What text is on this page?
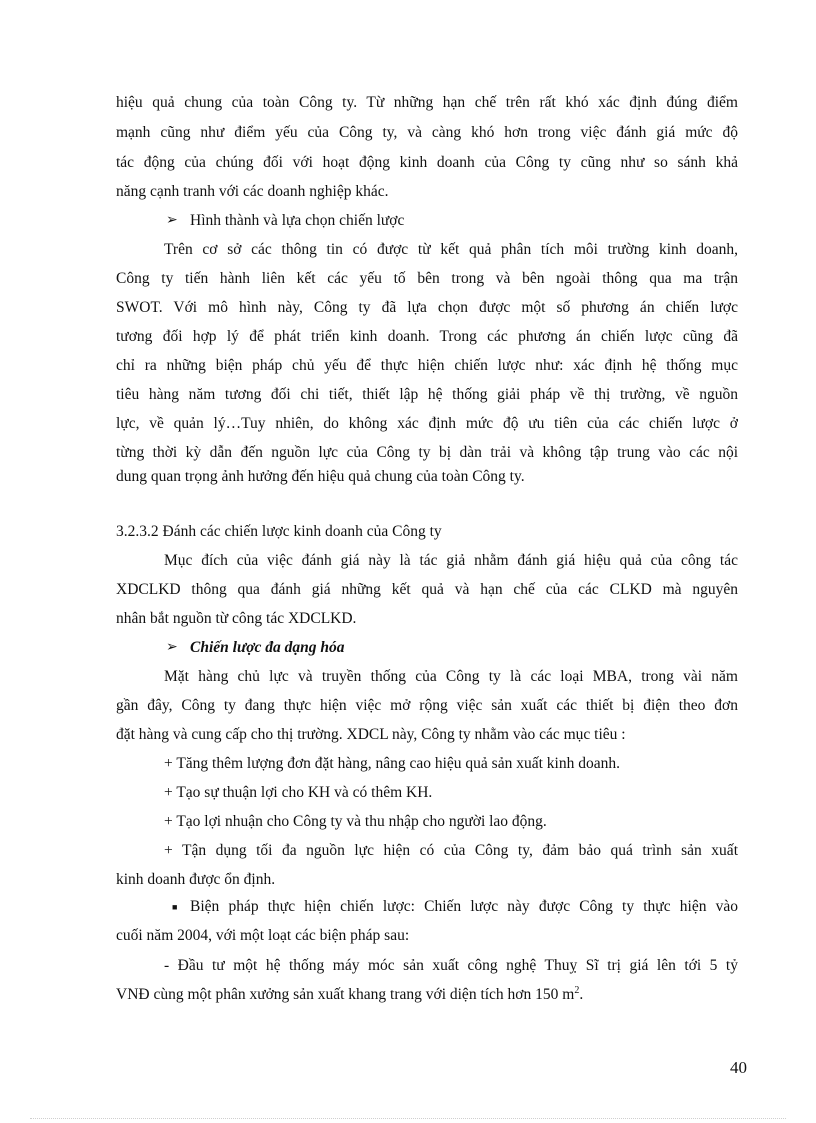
hiệu quả chung của toàn Công ty. Từ những hạn chế trên rất khó xác định đúng điểm
mạnh cũng như điểm yếu của Công ty, và càng khó hơn trong việc đánh giá mức độ
tác động của chúng đối với hoạt động kinh doanh của Công ty cũng như so sánh khả
năng cạnh tranh với các doanh nghiệp khác.
➢ Hình thành và lựa chọn chiến lược
Trên cơ sở các thông tin có được từ kết quả phân tích môi trường kinh doanh,
Công ty tiến hành liên kết các yếu tố bên trong và bên ngoài thông qua ma trận
SWOT. Với mô hình này, Công ty đã lựa chọn được một số phương án chiến lược
tương đối hợp lý để phát triển kinh doanh. Trong các phương án chiến lược cũng đã
chỉ ra những biện pháp chủ yếu để thực hiện chiến lược như: xác định hệ thống mục
tiêu hàng năm tương đối chi tiết, thiết lập hệ thống giải pháp về thị trường, về nguồn
lực, về quản lý…Tuy nhiên, do không xác định mức độ ưu tiên của các chiến lược ở
từng thời kỳ dẫn đến nguồn lực của Công ty bị dàn trải và không tập trung vào các nội
dung quan trọng ảnh hưởng đến hiệu quả chung của toàn Công ty.
3.2.3.2 Đánh các chiến lược kinh doanh của Công ty
Mục đích của việc đánh giá này là tác giả nhằm đánh giá hiệu quả của công tác
XDCLKD thông qua đánh giá những kết quả và hạn chế của các CLKD mà nguyên
nhân bắt nguồn từ công tác XDCLKD.
➢ Chiến lược đa dạng hóa
Mặt hàng chủ lực và truyền thống của Công ty là các loại MBA, trong vài năm
gần đây, Công ty đang thực hiện việc mở rộng việc sản xuất các thiết bị điện theo đơn
đặt hàng và cung cấp cho thị trường. XDCL này, Công ty nhằm vào các mục tiêu :
+ Tăng thêm lượng đơn đặt hàng, nâng cao hiệu quả sản xuất kinh doanh.
+ Tạo sự thuận lợi cho KH và có thêm KH.
+ Tạo lợi nhuận cho Công ty và thu nhập cho người lao động.
+ Tận dụng tối đa nguồn lực hiện có của Công ty, đảm bảo quá trình sản xuất
kinh doanh được ổn định.
■ Biện pháp thực hiện chiến lược: Chiến lược này được Công ty thực hiện vào
cuối năm 2004, với một loạt các biện pháp sau:
- Đầu tư một hệ thống máy móc sản xuất công nghệ Thuỵ Sĩ trị giá lên tới 5 tỷ
VNĐ cùng một phân xưởng sản xuất khang trang với diện tích hơn 150 $m^2$.
40
